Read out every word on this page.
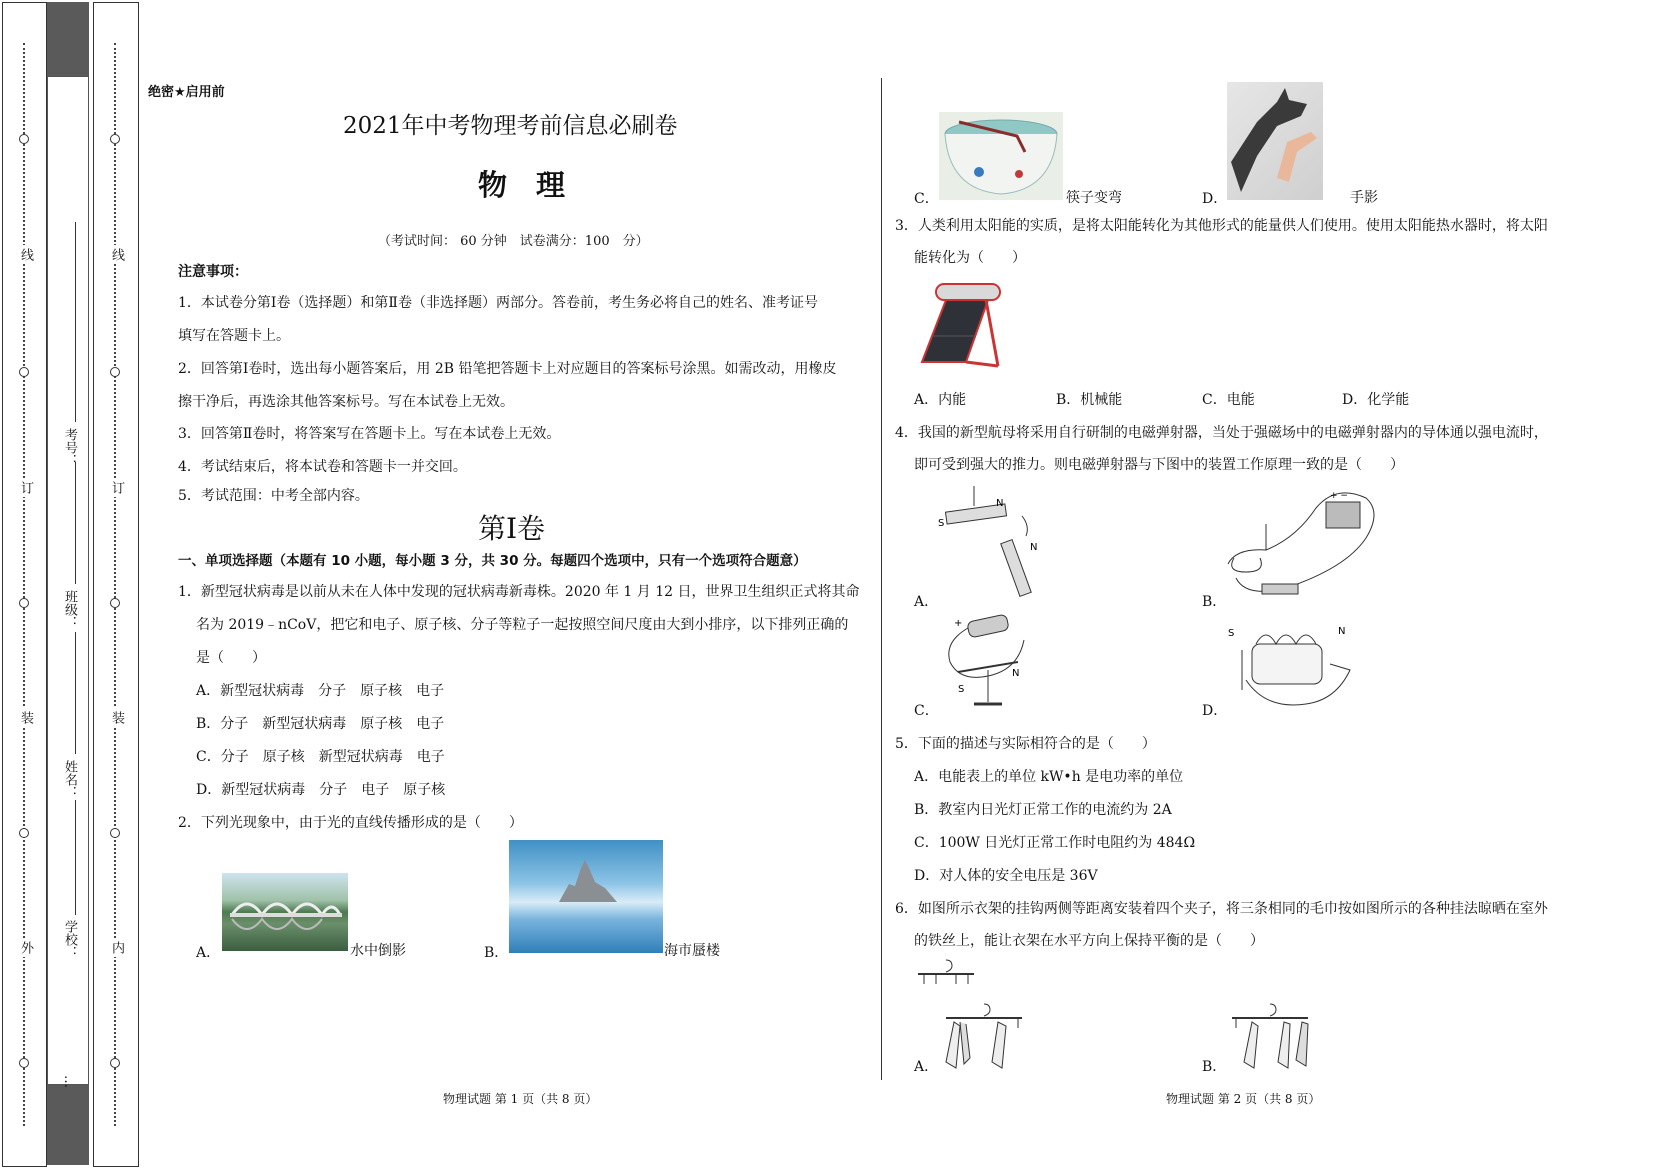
线
订
装
外
线
订
装
内
考号：
班级：
姓名：
学校：
…
绝密★启用前
2021年中考物理考前信息必刷卷
物　理
（考试时间： 60 分钟　试卷满分：100　分）
注意事项：
1．本试卷分第Ⅰ卷（选择题）和第Ⅱ卷（非选择题）两部分。答卷前，考生务必将自己的姓名、准考证号
填写在答题卡上。
2．回答第Ⅰ卷时，选出每小题答案后，用 2B 铅笔把答题卡上对应题目的答案标号涂黑。如需改动，用橡皮
擦干净后，再选涂其他答案标号。写在本试卷上无效。
3．回答第Ⅱ卷时，将答案写在答题卡上。写在本试卷上无效。
4．考试结束后，将本试卷和答题卡一并交回。
5．考试范围：中考全部内容。
第Ⅰ卷
一、单项选择题（本题有 10 小题，每小题 3 分，共 30 分。每题四个选项中，只有一个选项符合题意）
1．新型冠状病毒是以前从未在人体中发现的冠状病毒新毒株。2020 年 1 月 12 日，世界卫生组织正式将其命
名为 2019﹣nCoV，把它和电子、原子核、分子等粒子一起按照空间尺度由大到小排序，以下排列正确的
是（　　）
A．新型冠状病毒　分子　原子核　电子
B．分子　新型冠状病毒　原子核　电子
C．分子　原子核　新型冠状病毒　电子
D．新型冠状病毒　分子　电子　原子核
2．下列光现象中，由于光的直线传播形成的是（　　）
A．	水中倒影	B．	海市蜃楼
物理试题 第 1 页（共 8 页）
C．	筷子变弯	D．	手影
3．人类利用太阳能的实质，是将太阳能转化为其他形式的能量供人们使用。使用太阳能热水器时，将太阳
能转化为（　　）
A．内能	B．机械能	C．电能	D．化学能
4．我国的新型航母将采用自行研制的电磁弹射器，当处于强磁场中的电磁弹射器内的导体通以强电流时，
即可受到强大的推力。则电磁弹射器与下图中的装置工作原理一致的是（　　）
A．
S
N
N
B．
+ −
C．
S
N
+
D．
S	N
5．下面的描述与实际相符合的是（　　）
A．电能表上的单位 kW•h 是电功率的单位
B．教室内日光灯正常工作的电流约为 2A
C．100W 日光灯正常工作时电阻约为 484Ω
D．对人体的安全电压是 36V
6．如图所示衣架的挂钩两侧等距离安装着四个夹子，将三条相同的毛巾按如图所示的各种挂法晾晒在室外
的铁丝上，能让衣架在水平方向上保持平衡的是（　　）
A．	B．
物理试题 第 2 页（共 8 页）
